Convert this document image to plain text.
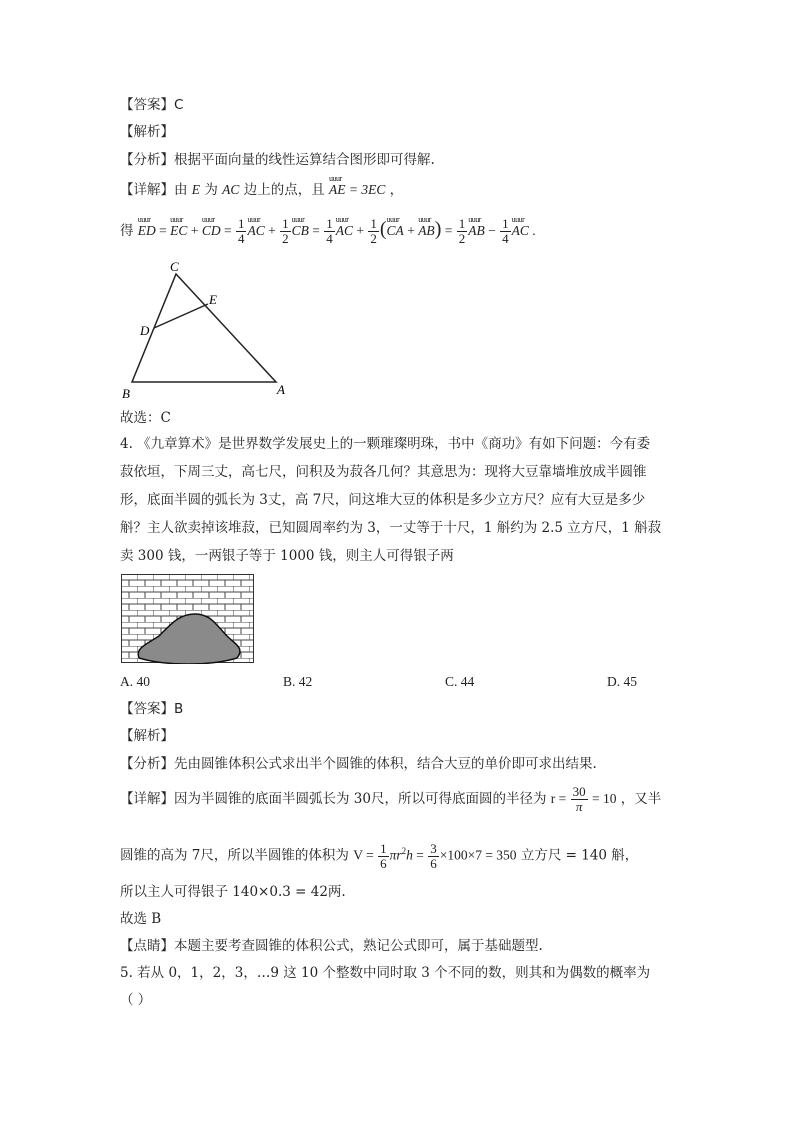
【答案】C
【解析】
【分析】根据平面向量的线性运算结合图形即可得解.
【详解】由 E 为 AC 边上的点，且 uuur AE = 3EC ，
得 uuur ED = uuur EC + uuur CD = $\frac{1}{4}$ uuur AC + $\frac{1}{2}$ uuur CB = $\frac{1}{4}$ uuur AC + $\frac{1}{2}$ (uuur CA + uuur $AB) = \frac{1}{2}$ uuur AB − $\frac{1}{4}$ uuur AC .
C
E
D
B	A
故选：C
4. 《九章算术》是世界数学发展史上的一颗璀璨明珠，书中《商功》有如下问题：今有委
菽依垣，下周三丈，高七尺，问积及为菽各几何？其意思为：现将大豆靠墙堆放成半圆锥
形，底面半圆的弧长为 3丈，高 7尺，问这堆大豆的体积是多少立方尺？应有大豆是多少
斛？主人欲卖掉该堆菽，已知圆周率约为 3，一丈等于十尺，1 斛约为 2.5 立方尺，1 斛菽
卖 300 钱，一两银子等于 1000 钱，则主人可得银子两
A. 40	B. 42	C. 44	D. 45
【答案】B
【解析】
【分析】先由圆锥体积公式求出半个圆锥的体积，结合大豆的单价即可求出结果.
【详解】因为半圆锥的底面半圆弧长为 30尺，所以可得底面圆的半径为 $r = \frac{30}{\pi} = 10$ ，又半
圆锥的高为 7尺，所以半圆锥的体积为 $V = \frac{1}{6} \pi r^2h = \frac{3}{6} \times 100\times 7 = 350$ 立方尺 = 140 斛，
所以主人可得银子 140×0.3 = 42两.
故选 B
【点睛】本题主要考查圆锥的体积公式，熟记公式即可，属于基础题型.
5. 若从 0，1，2，3，…9 这 10 个整数中同时取 3 个不同的数，则其和为偶数的概率为
（ ）
